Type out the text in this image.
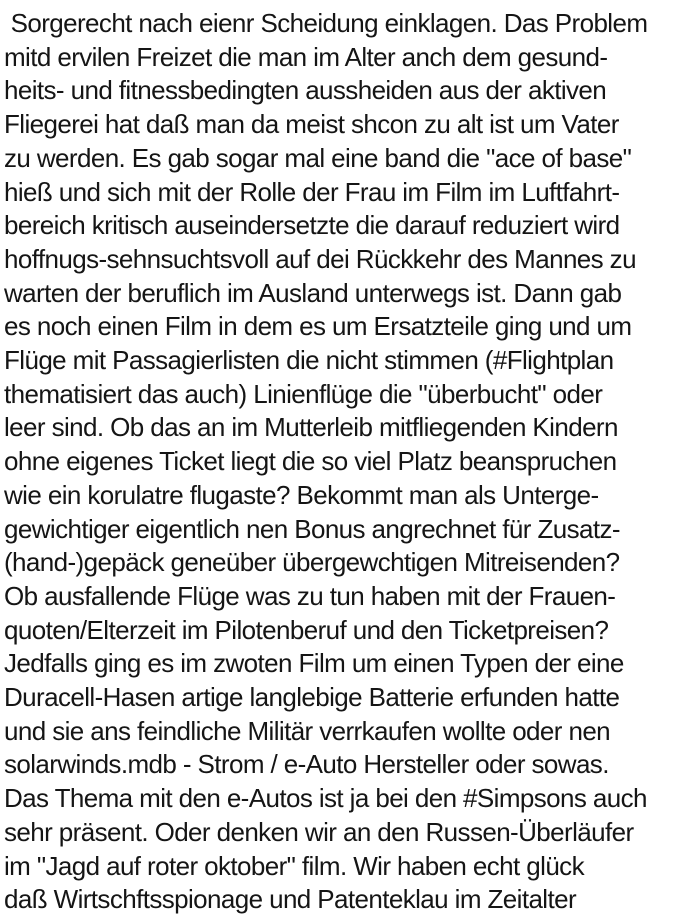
Sorgerecht nach eienr Scheidung einklagen. Das Problem
mitd ervilen Freizet die man im Alter anch dem gesund-
heits- und fitnessbedingten aussheiden aus der aktiven
Fliegerei hat daß man da meist shcon zu alt ist um Vater
zu werden. Es gab sogar mal eine band die "ace of base"
hieß und sich mit der Rolle der Frau im Film im Luftfahrt-
bereich kritisch auseindersetzte die darauf reduziert wird
hoffnugs-sehnsuchtsvoll auf dei Rückkehr des Mannes zu
warten der beruflich im Ausland unterwegs ist. Dann gab
es noch einen Film in dem es um Ersatzteile ging und um
Flüge mit Passagierlisten die nicht stimmen (#Flightplan
thematisiert das auch) Linienflüge die "überbucht" oder
leer sind. Ob das an im Mutterleib mitfliegenden Kindern
ohne eigenes Ticket liegt die so viel Platz beanspruchen
wie ein korulatre flugaste? Bekommt man als Unterge-
gewichtiger eigentlich nen Bonus angrechnet für Zusatz-
(hand-)gepäck geneüber übergewchtigen Mitreisenden?
Ob ausfallende Flüge was zu tun haben mit der Frauen-
quoten/Elterzeit im Pilotenberuf und den Ticketpreisen?
Jedfalls ging es im zwoten Film um einen Typen der eine
Duracell-Hasen artige langlebige Batterie erfunden hatte
und sie ans feindliche Militär verrkaufen wollte oder nen
solarwinds.mdb - Strom / e-Auto Hersteller oder sowas.
Das Thema mit den e-Autos ist ja bei den #Simpsons auch
sehr präsent. Oder denken wir an den Russen-Überläufer
im "Jagd auf roter oktober" film. Wir haben echt glück
daß Wirtschftsspionage und Patenteklau im Zeitalter
